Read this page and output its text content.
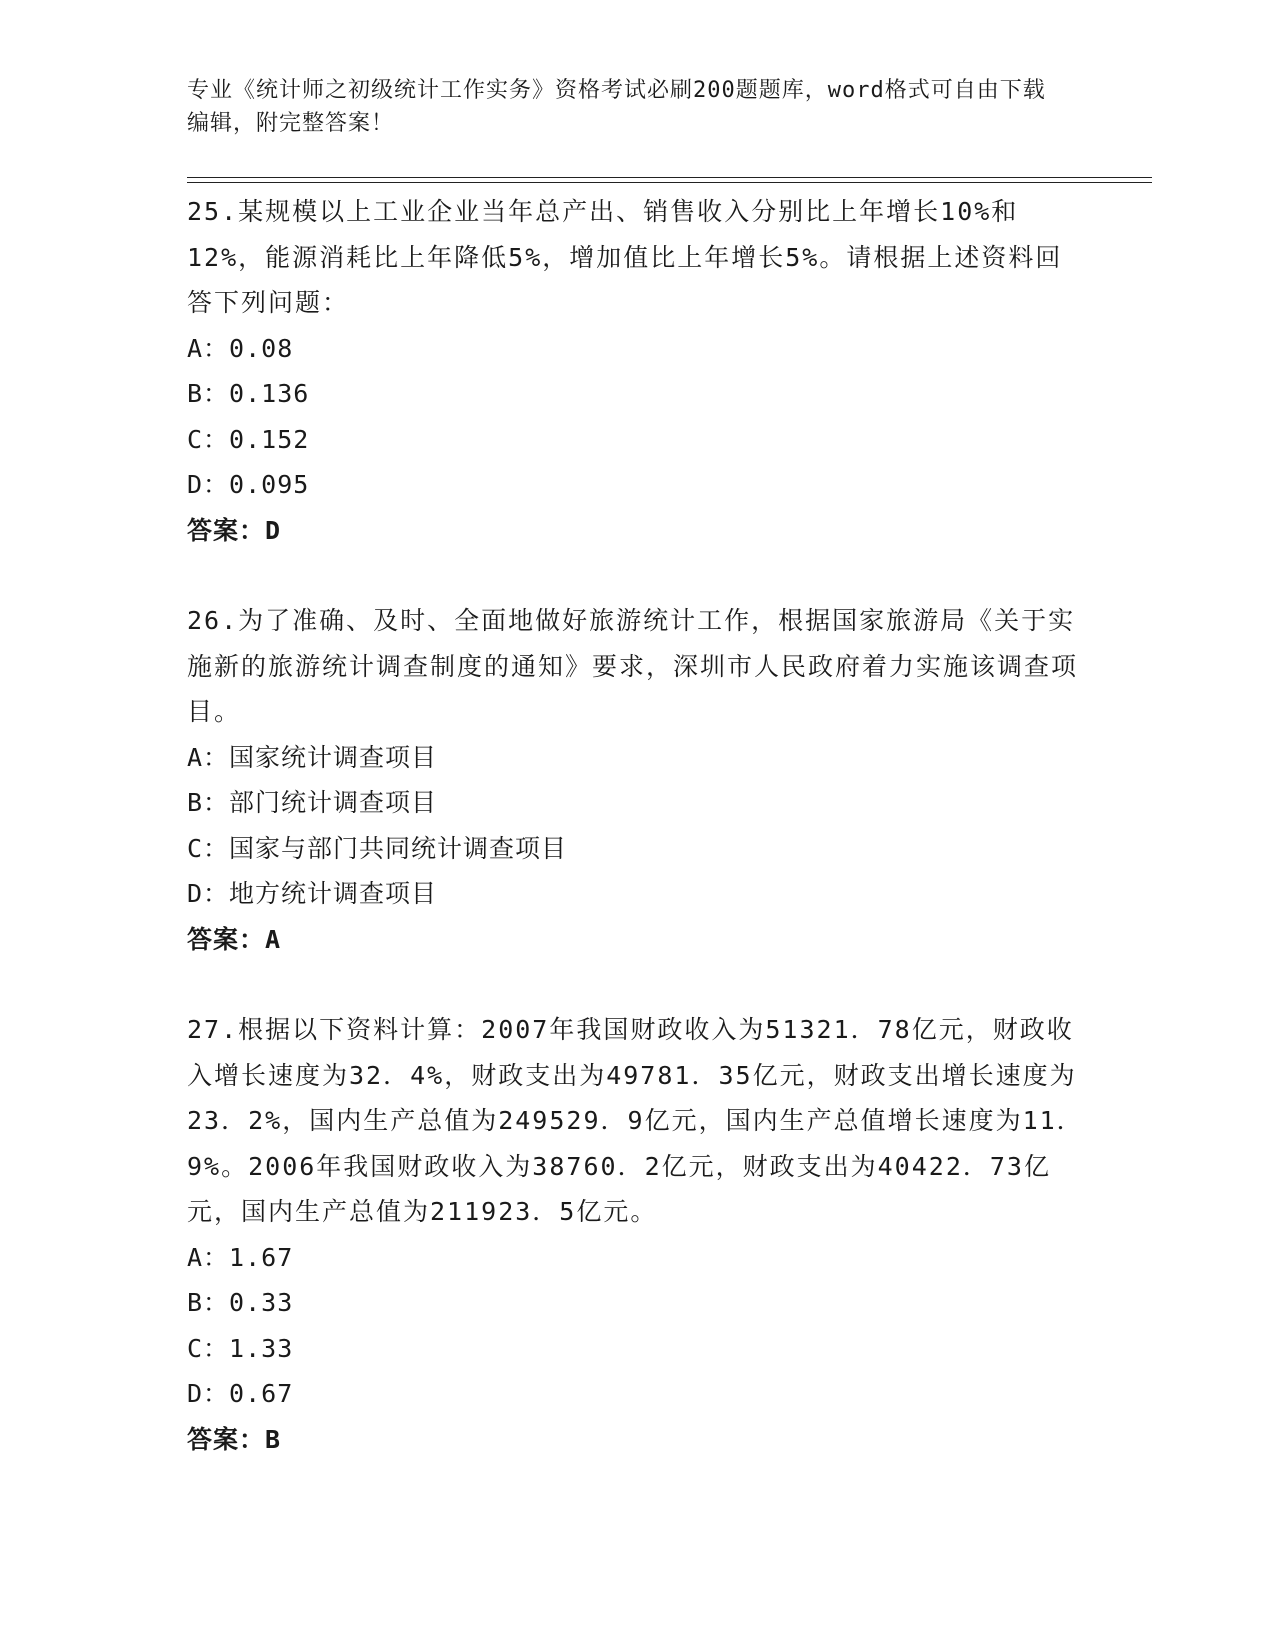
专业《统计师之初级统计工作实务》资格考试必刷200题题库，word格式可自由下载编辑，附完整答案！
25.某规模以上工业企业当年总产出、销售收入分别比上年增长10%和12%，能源消耗比上年降低5%，增加值比上年增长5%。请根据上述资料回答下列问题：
A：0.08
B：0.136
C：0.152
D：0.095
答案：D
26.为了准确、及时、全面地做好旅游统计工作，根据国家旅游局《关于实施新的旅游统计调查制度的通知》要求，深圳市人民政府着力实施该调查项目。
A：国家统计调查项目
B：部门统计调查项目
C：国家与部门共同统计调查项目
D：地方统计调查项目
答案：A
27.根据以下资料计算：2007年我国财政收入为51321．78亿元，财政收入增长速度为32．4%，财政支出为49781．35亿元，财政支出增长速度为23．2%，国内生产总值为249529．9亿元，国内生产总值增长速度为11．9%。2006年我国财政收入为38760．2亿元，财政支出为40422．73亿元，国内生产总值为211923．5亿元。
A：1.67
B：0.33
C：1.33
D：0.67
答案：B
